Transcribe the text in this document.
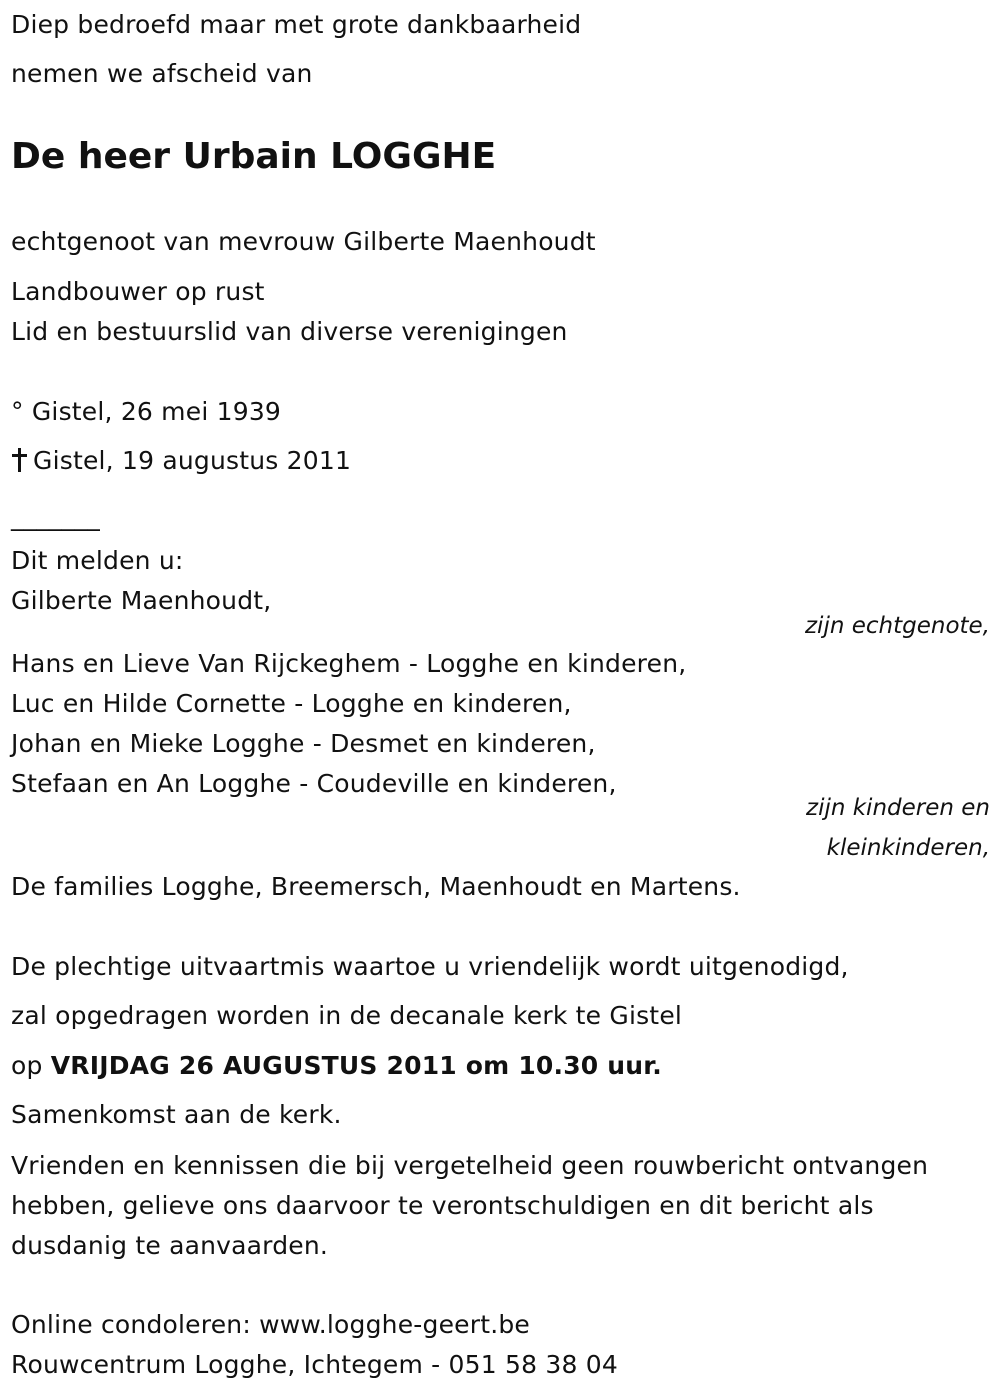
Diep bedroefd maar met grote dankbaarheid
nemen we afscheid van
De heer Urbain LOGGHE
echtgenoot van mevrouw Gilberte Maenhoudt
Landbouwer op rust
Lid en bestuurslid van diverse verenigingen
° Gistel, 26 mei 1939
Gistel, 19 augustus 2011
_______
Dit melden u:
Gilberte Maenhoudt,
zijn echtgenote,
Hans en Lieve Van Rijckeghem - Logghe en kinderen,
Luc en Hilde Cornette - Logghe en kinderen,
Johan en Mieke Logghe - Desmet en kinderen,
Stefaan en An Logghe - Coudeville en kinderen,
zijn kinderen en
kleinkinderen,
De families Logghe, Breemersch, Maenhoudt en Martens.
De plechtige uitvaartmis waartoe u vriendelijk wordt uitgenodigd,
zal opgedragen worden in de decanale kerk te Gistel
op VRIJDAG 26 AUGUSTUS 2011 om 10.30 uur.
Samenkomst aan de kerk.
Vrienden en kennissen die bij vergetelheid geen rouwbericht ontvangen hebben, gelieve ons daarvoor te verontschuldigen en dit bericht als dusdanig te aanvaarden.
Online condoleren: www.logghe-geert.be
Rouwcentrum Logghe, Ichtegem - 051 58 38 04
